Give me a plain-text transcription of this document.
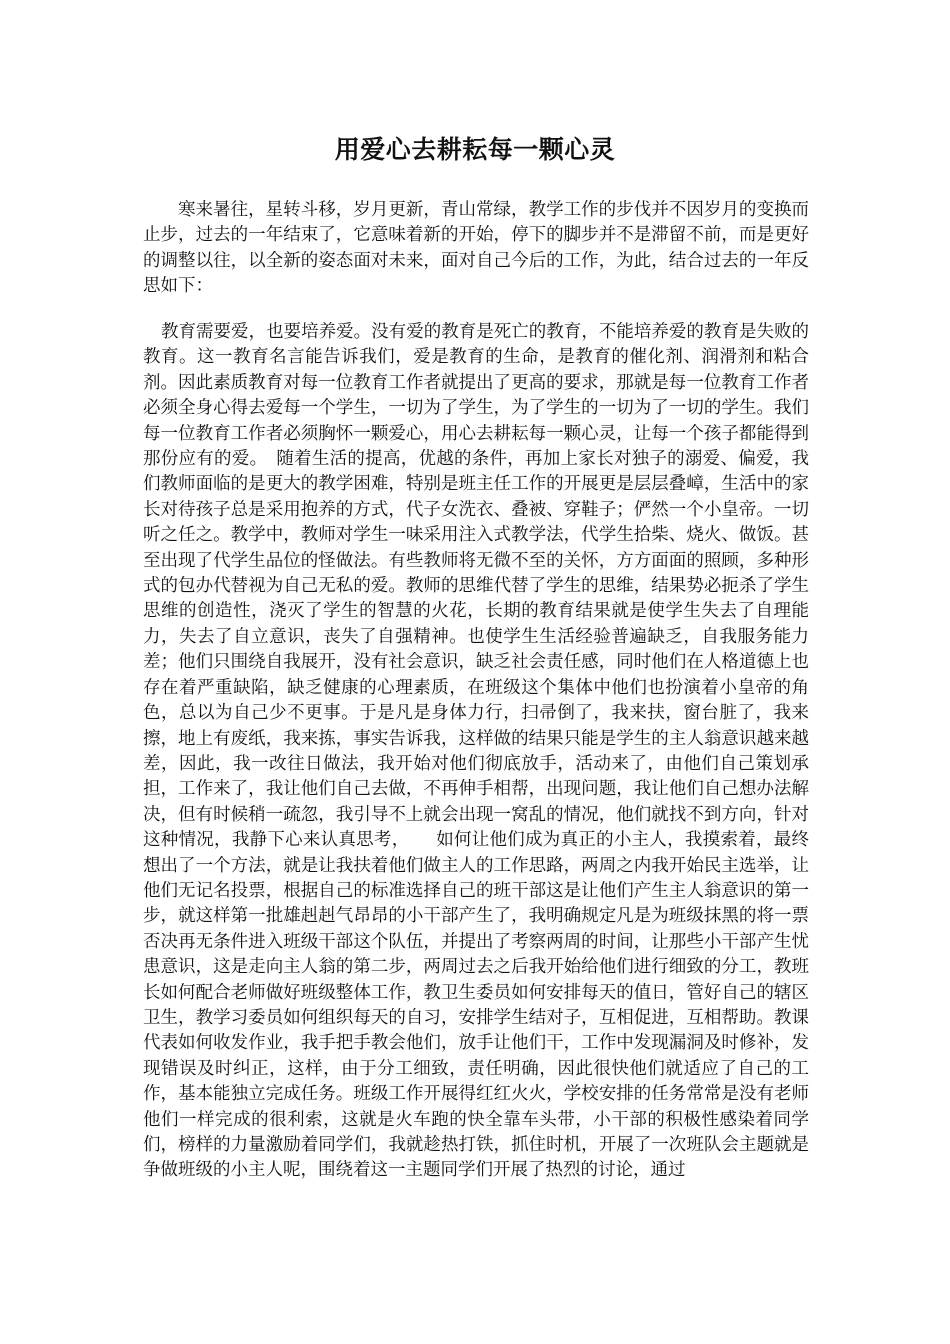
用爱心去耕耘每一颗心灵

寒来暑往，星转斗移，岁月更新，青山常绿，教学工作的步伐并不因岁月的变换而止步，过去的一年结束了，它意味着新的开始，停下的脚步并不是滞留不前，而是更好的调整以往，以全新的姿态面对未来，面对自己今后的工作，为此，结合过去的一年反思如下：

教育需要爱，也要培养爱。没有爱的教育是死亡的教育，不能培养爱的教育是失败的教育。这一教育名言能告诉我们，爱是教育的生命，是教育的催化剂、润滑剂和粘合剂。因此素质教育对每一位教育工作者就提出了更高的要求，那就是每一位教育工作者必须全身心得去爱每一个学生，一切为了学生，为了学生的一切为了一切的学生。我们每一位教育工作者必须胸怀一颗爱心，用心去耕耘每一颗心灵，让每一个孩子都能得到那份应有的爱。　随着生活的提高，优越的条件，再加上家长对独子的溺爱、偏爱，我们教师面临的是更大的教学困难，特别是班主任工作的开展更是层层叠嶂，生活中的家长对待孩子总是采用抱养的方式，代子女洗衣、叠被、穿鞋子；俨然一个小皇帝。一切听之任之。教学中，教师对学生一味采用注入式教学法，代学生拾柴、烧火、做饭。甚至出现了代学生品位的怪做法。有些教师将无微不至的关怀，方方面面的照顾，多种形式的包办代替视为自己无私的爱。教师的思维代替了学生的思维，结果势必扼杀了学生思维的创造性，浇灭了学生的智慧的火花，长期的教育结果就是使学生失去了自理能力，失去了自立意识，丧失了自强精神。也使学生生活经验普遍缺乏，自我服务能力差；他们只围绕自我展开，没有社会意识，缺乏社会责任感，同时他们在人格道德上也存在着严重缺陷，缺乏健康的心理素质，在班级这个集体中他们也扮演着小皇帝的角色，总以为自己少不更事。于是凡是身体力行，扫帚倒了，我来扶，窗台脏了，我来擦，地上有废纸，我来拣，事实告诉我，这样做的结果只能是学生的主人翁意识越来越差，因此，我一改往日做法，我开始对他们彻底放手，活动来了，由他们自己策划承担，工作来了，我让他们自己去做，不再伸手相帮，出现问题，我让他们自己想办法解决，但有时候稍一疏忽，我引导不上就会出现一窝乱的情况，他们就找不到方向，针对这种情况，我静下心来认真思考，　　如何让他们成为真正的小主人，我摸索着，最终想出了一个方法，就是让我扶着他们做主人的工作思路，两周之内我开始民主选举，让他们无记名投票，根据自己的标准选择自己的班干部这是让他们产生主人翁意识的第一步，就这样第一批雄赳赳气昂昂的小干部产生了，我明确规定凡是为班级抹黑的将一票否决再无条件进入班级干部这个队伍，并提出了考察两周的时间，让那些小干部产生忧患意识，这是走向主人翁的第二步，两周过去之后我开始给他们进行细致的分工，教班长如何配合老师做好班级整体工作，教卫生委员如何安排每天的值日，管好自己的辖区卫生，教学习委员如何组织每天的自习，安排学生结对子，互相促进，互相帮助。教课代表如何收发作业，我手把手教会他们，放手让他们干，工作中发现漏洞及时修补，发现错误及时纠正，这样，由于分工细致，责任明确，因此很快他们就适应了自己的工作，基本能独立完成任务。班级工作开展得红红火火，学校安排的任务常常是没有老师他们一样完成的很利索，这就是火车跑的快全靠车头带，小干部的积极性感染着同学们，榜样的力量激励着同学们，我就趁热打铁，抓住时机，开展了一次班队会主题就是争做班级的小主人呢，围绕着这一主题同学们开展了热烈的讨论，通过
